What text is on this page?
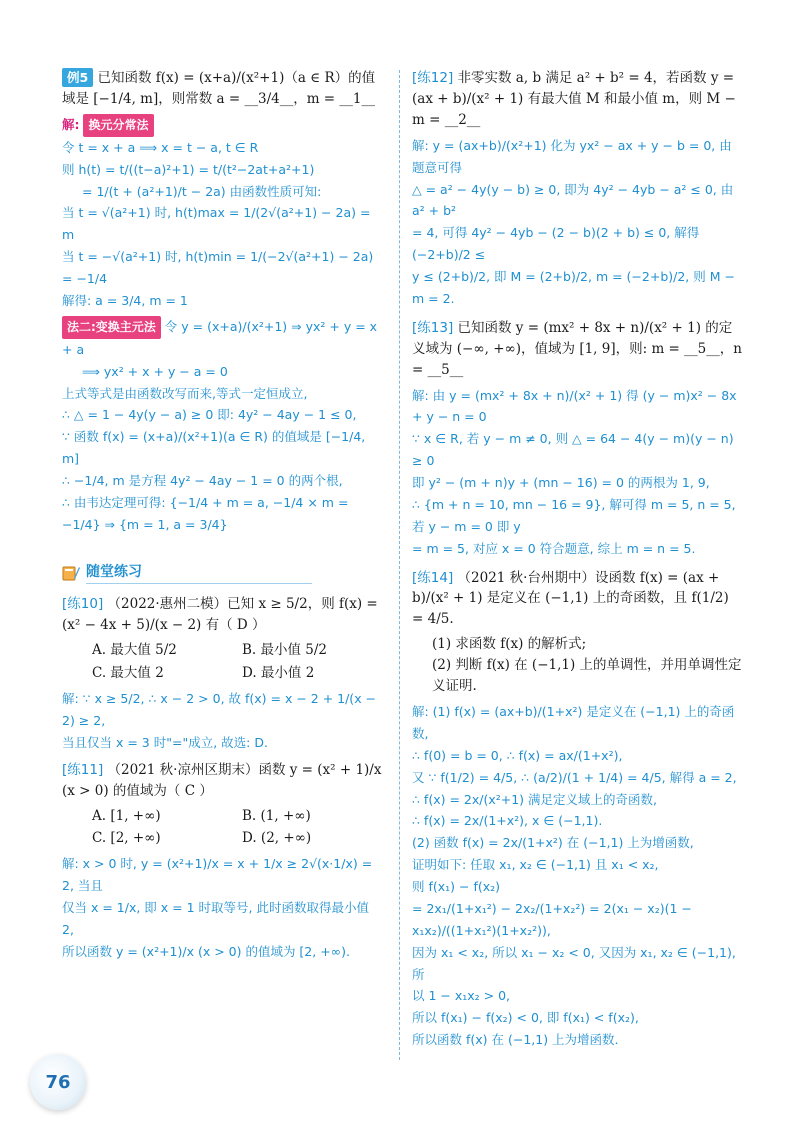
例5 已知函数 f(x) = (x+a)/(x²+1)（a ∈ R）的值域是 [−1/4, m]，则常数 a = __3/4__，m = __1__
解: 换元分常法
令 t = x + a ⟹ x = t − a, t ∈ R
则 h(t) = t/((t−a)²+1) = t/(t²−2at+a²+1)
= 1/(t + (a²+1)/t − 2a) 由函数性质可知:
当 t = √(a²+1) 时, h(t)max = 1/(2√(a²+1) − 2a) = m
当 t = −√(a²+1) 时, h(t)min = 1/(−2√(a²+1) − 2a) = −1/4
解得: a = 3/4, m = 1
法二:变换主元法 令 y = (x+a)/(x²+1) ⇒ yx² + y = x + a
⟹ yx² + x + y − a = 0
上式等式是由函数改写而来,等式一定恒成立,
∴ △ = 1 − 4y(y − a) ≥ 0 即: 4y² − 4ay − 1 ≤ 0,
∵ 函数 f(x) = (x+a)/(x²+1)(a ∈ R) 的值域是 [−1/4, m]
∴ −1/4, m 是方程 4y² − 4ay − 1 = 0 的两个根,
∴ 由韦达定理可得: {−1/4 + m = a, −1/4 × m = −1/4} ⇒ {m = 1, a = 3/4}
随堂练习
[练10] （2022·惠州二模）已知 x ≥ 5/2，则 f(x) = (x² − 4x + 5)/(x − 2) 有（ D ）
A. 最大值 5/2	B. 最小值 5/2
C. 最大值 2	D. 最小值 2
解: ∵ x ≥ 5/2, ∴ x − 2 > 0, 故 f(x) = x − 2 + 1/(x − 2) ≥ 2,
当且仅当 x = 3 时"="成立, 故选: D.
[练11] （2021 秋·凉州区期末）函数 y = (x² + 1)/x (x > 0) 的值域为（ C ）
A. [1, +∞)	B. (1, +∞)
C. [2, +∞)	D. (2, +∞)
解: x > 0 时, y = (x²+1)/x = x + 1/x ≥ 2√(x·1/x) = 2, 当且
仅当 x = 1/x, 即 x = 1 时取等号, 此时函数取得最小值 2,
所以函数 y = (x²+1)/x (x > 0) 的值域为 [2, +∞).
[练12] 非零实数 a, b 满足 a² + b² = 4，若函数 y = (ax + b)/(x² + 1) 有最大值 M 和最小值 m，则 M − m = __2__
解: y = (ax+b)/(x²+1) 化为 yx² − ax + y − b = 0, 由题意可得
△ = a² − 4y(y − b) ≥ 0, 即为 4y² − 4yb − a² ≤ 0, 由 a² + b²
= 4, 可得 4y² − 4yb − (2 − b)(2 + b) ≤ 0, 解得 (−2+b)/2 ≤
y ≤ (2+b)/2, 即 M = (2+b)/2, m = (−2+b)/2, 则 M − m = 2.
[练13] 已知函数 y = (mx² + 8x + n)/(x² + 1) 的定义域为 (−∞, +∞)，值域为 [1, 9]，则: m = __5__，n = __5__
解: 由 y = (mx² + 8x + n)/(x² + 1) 得 (y − m)x² − 8x + y − n = 0
∵ x ∈ R, 若 y − m ≠ 0, 则 △ = 64 − 4(y − m)(y − n) ≥ 0
即 y² − (m + n)y + (mn − 16) = 0 的两根为 1, 9,
∴ {m + n = 10, mn − 16 = 9}, 解可得 m = 5, n = 5, 若 y − m = 0 即 y
= m = 5, 对应 x = 0 符合题意, 综上 m = n = 5.
[练14] （2021 秋·台州期中）设函数 f(x) = (ax + b)/(x² + 1) 是定义在 (−1,1) 上的奇函数，且 f(1/2) = 4/5.
(1) 求函数 f(x) 的解析式;
(2) 判断 f(x) 在 (−1,1) 上的单调性，并用单调性定义证明.
解: (1) f(x) = (ax+b)/(1+x²) 是定义在 (−1,1) 上的奇函数,
∴ f(0) = b = 0, ∴ f(x) = ax/(1+x²),
又 ∵ f(1/2) = 4/5, ∴ (a/2)/(1 + 1/4) = 4/5, 解得 a = 2,
∴ f(x) = 2x/(x²+1) 满足定义域上的奇函数,
∴ f(x) = 2x/(1+x²), x ∈ (−1,1).
(2) 函数 f(x) = 2x/(1+x²) 在 (−1,1) 上为增函数,
证明如下: 任取 x₁, x₂ ∈ (−1,1) 且 x₁ < x₂,
则 f(x₁) − f(x₂)
= 2x₁/(1+x₁²) − 2x₂/(1+x₂²) = 2(x₁ − x₂)(1 − x₁x₂)/((1+x₁²)(1+x₂²)),
因为 x₁ < x₂, 所以 x₁ − x₂ < 0, 又因为 x₁, x₂ ∈ (−1,1), 所
以 1 − x₁x₂ > 0,
所以 f(x₁) − f(x₂) < 0, 即 f(x₁) < f(x₂),
所以函数 f(x) 在 (−1,1) 上为增函数.
76
